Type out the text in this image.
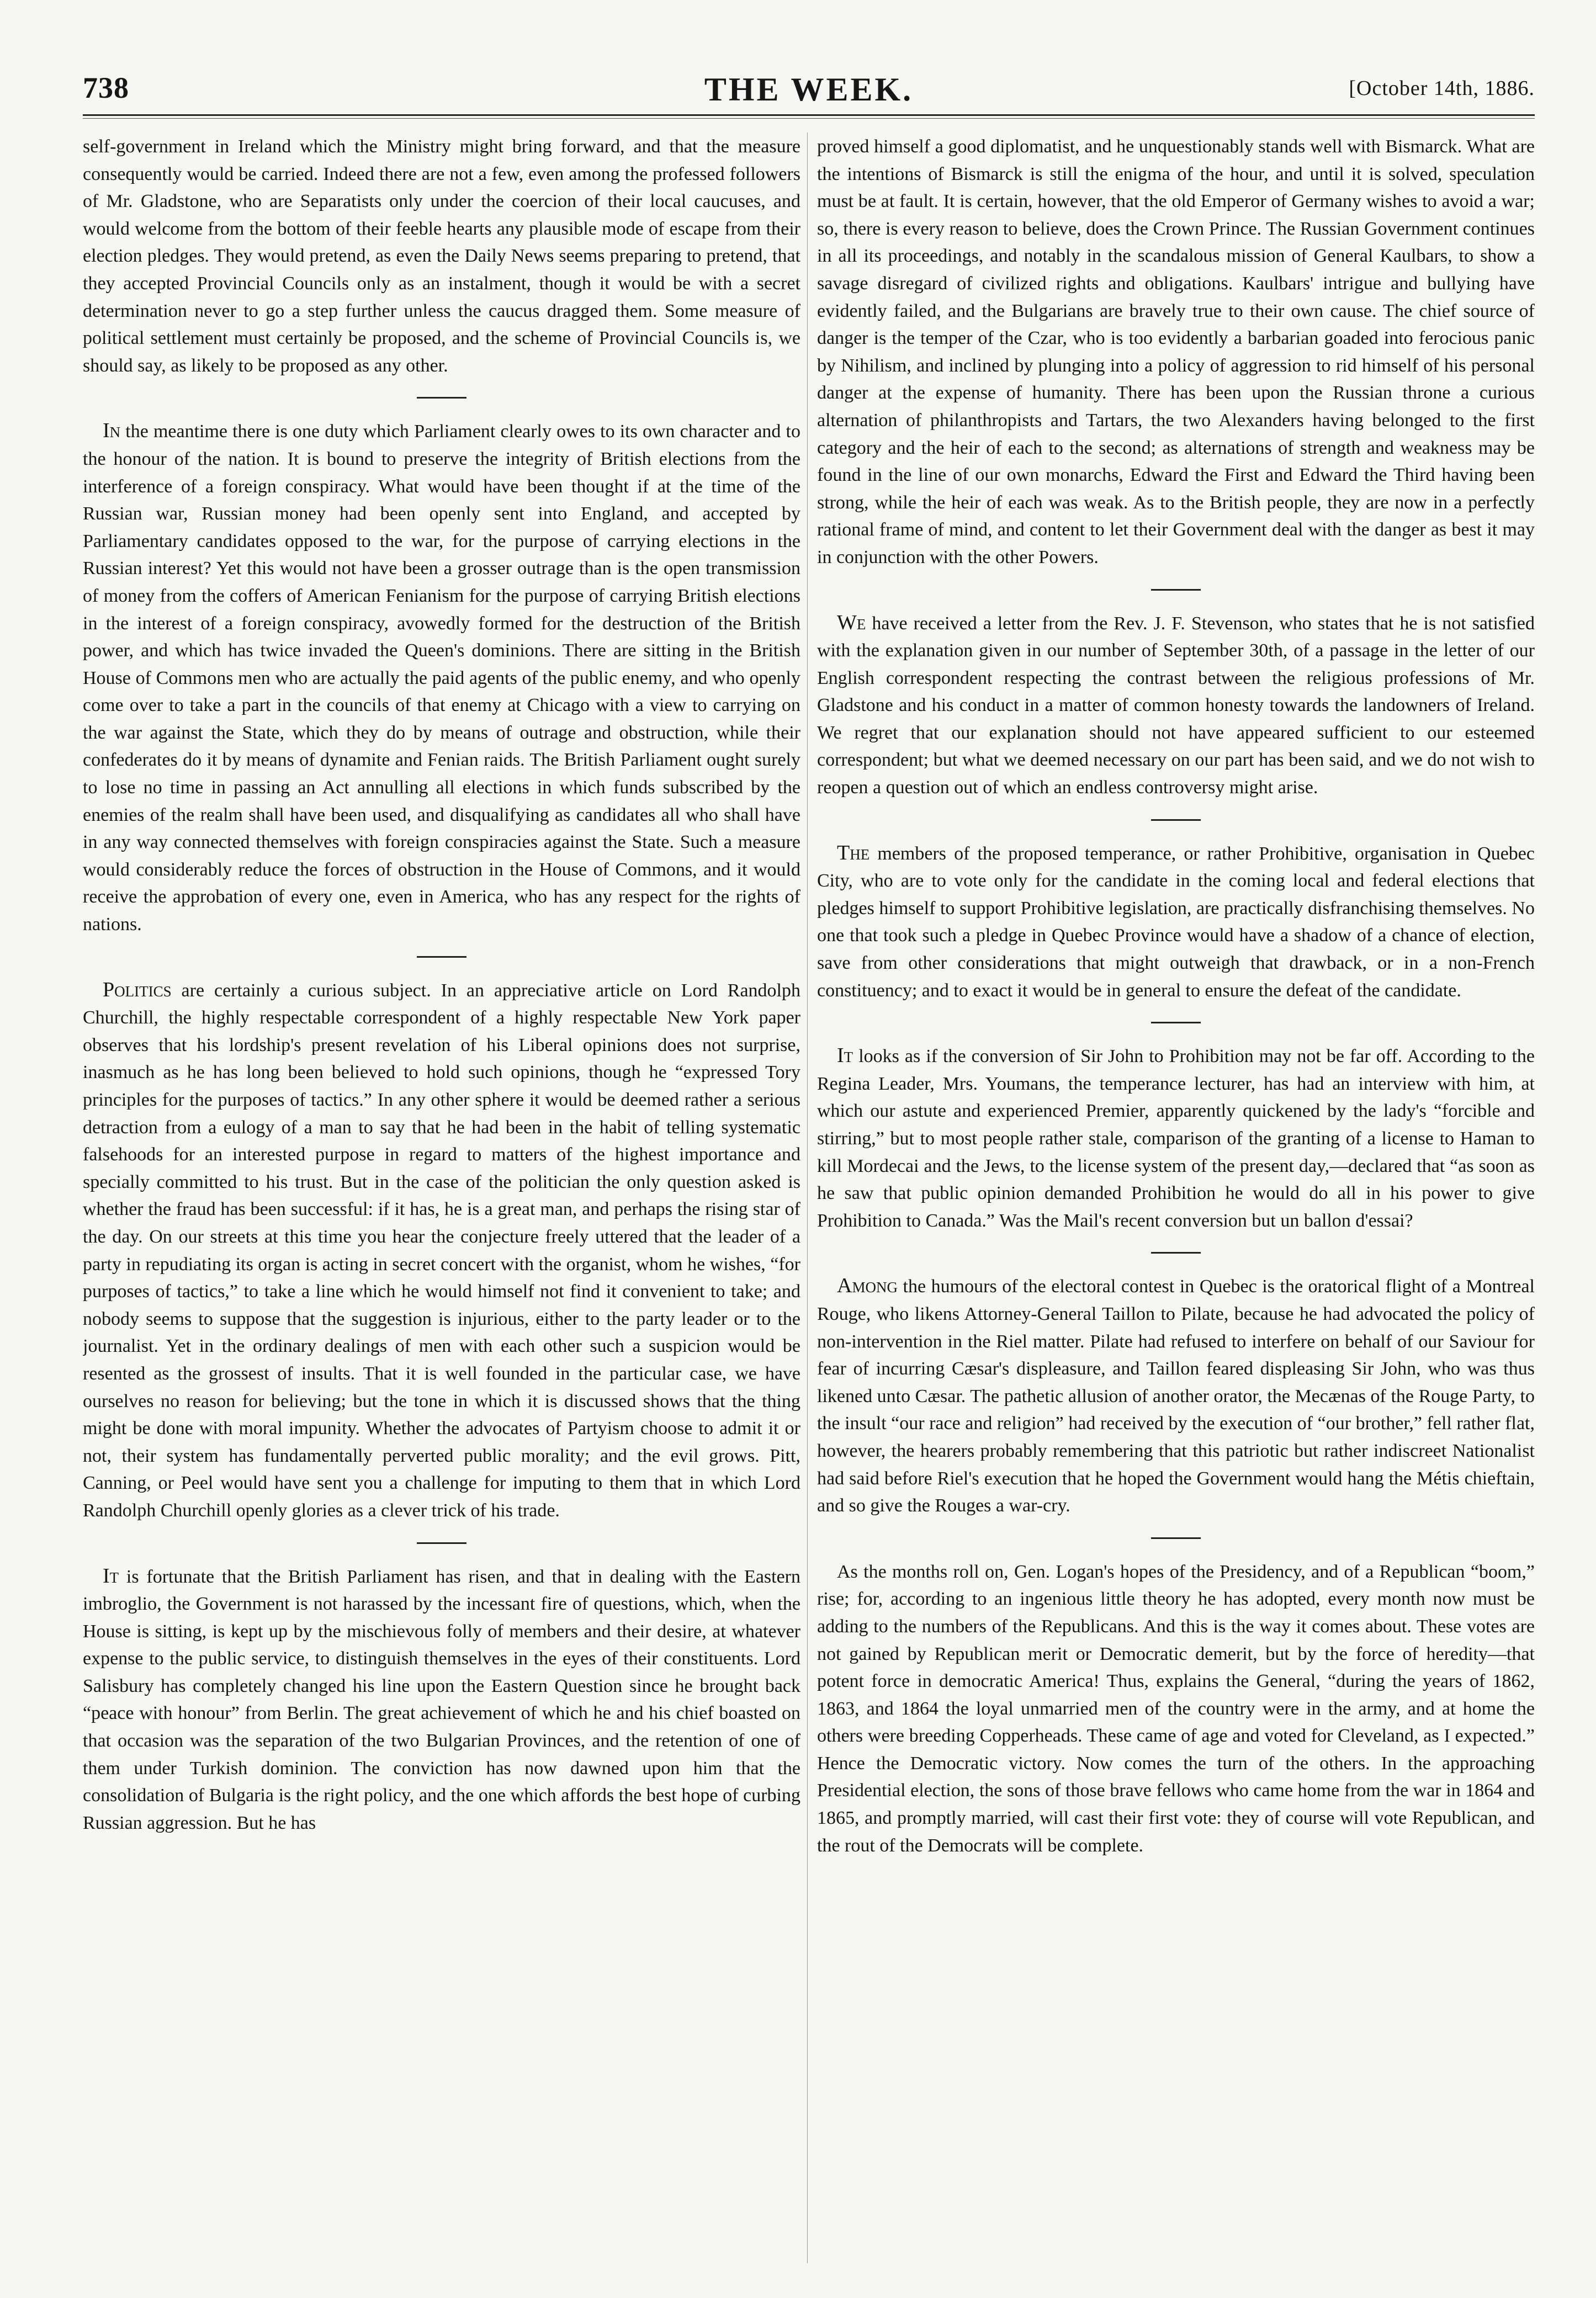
738	THE WEEK.	[October 14th, 1886.

self-government in Ireland which the Ministry might bring forward, and that the measure consequently would be carried. Indeed there are not a few, even among the professed followers of Mr. Gladstone, who are Separatists only under the coercion of their local caucuses, and would welcome from the bottom of their feeble hearts any plausible mode of escape from their election pledges. They would pretend, as even the Daily News seems preparing to pretend, that they accepted Provincial Councils only as an instalment, though it would be with a secret determination never to go a step further unless the caucus dragged them. Some measure of political settlement must certainly be proposed, and the scheme of Provincial Councils is, we should say, as likely to be proposed as any other.

In the meantime there is one duty which Parliament clearly owes to its own character and to the honour of the nation. It is bound to preserve the integrity of British elections from the interference of a foreign conspiracy. What would have been thought if at the time of the Russian war, Russian money had been openly sent into England, and accepted by Parliamentary candidates opposed to the war, for the purpose of carrying elections in the Russian interest? Yet this would not have been a grosser outrage than is the open transmission of money from the coffers of American Fenianism for the purpose of carrying British elections in the interest of a foreign conspiracy, avowedly formed for the destruction of the British power, and which has twice invaded the Queen's dominions. There are sitting in the British House of Commons men who are actually the paid agents of the public enemy, and who openly come over to take a part in the councils of that enemy at Chicago with a view to carrying on the war against the State, which they do by means of outrage and obstruction, while their confederates do it by means of dynamite and Fenian raids. The British Parliament ought surely to lose no time in passing an Act annulling all elections in which funds subscribed by the enemies of the realm shall have been used, and disqualifying as candidates all who shall have in any way connected themselves with foreign conspiracies against the State. Such a measure would considerably reduce the forces of obstruction in the House of Commons, and it would receive the approbation of every one, even in America, who has any respect for the rights of nations.

Politics are certainly a curious subject. In an appreciative article on Lord Randolph Churchill, the highly respectable correspondent of a highly respectable New York paper observes that his lordship's present revelation of his Liberal opinions does not surprise, inasmuch as he has long been believed to hold such opinions, though he “expressed Tory principles for the purposes of tactics.” In any other sphere it would be deemed rather a serious detraction from a eulogy of a man to say that he had been in the habit of telling systematic falsehoods for an interested purpose in regard to matters of the highest importance and specially committed to his trust. But in the case of the politician the only question asked is whether the fraud has been successful: if it has, he is a great man, and perhaps the rising star of the day. On our streets at this time you hear the conjecture freely uttered that the leader of a party in repudiating its organ is acting in secret concert with the organist, whom he wishes, “for purposes of tactics,” to take a line which he would himself not find it convenient to take; and nobody seems to suppose that the suggestion is injurious, either to the party leader or to the journalist. Yet in the ordinary dealings of men with each other such a suspicion would be resented as the grossest of insults. That it is well founded in the particular case, we have ourselves no reason for believing; but the tone in which it is discussed shows that the thing might be done with moral impunity. Whether the advocates of Partyism choose to admit it or not, their system has fundamentally perverted public morality; and the evil grows. Pitt, Canning, or Peel would have sent you a challenge for imputing to them that in which Lord Randolph Churchill openly glories as a clever trick of his trade.

It is fortunate that the British Parliament has risen, and that in dealing with the Eastern imbroglio, the Government is not harassed by the incessant fire of questions, which, when the House is sitting, is kept up by the mischievous folly of members and their desire, at whatever expense to the public service, to distinguish themselves in the eyes of their constituents. Lord Salisbury has completely changed his line upon the Eastern Question since he brought back “peace with honour” from Berlin. The great achievement of which he and his chief boasted on that occasion was the separation of the two Bulgarian Provinces, and the retention of one of them under Turkish dominion. The conviction has now dawned upon him that the consolidation of Bulgaria is the right policy, and the one which affords the best hope of curbing Russian aggression. But he has

proved himself a good diplomatist, and he unquestionably stands well with Bismarck. What are the intentions of Bismarck is still the enigma of the hour, and until it is solved, speculation must be at fault. It is certain, however, that the old Emperor of Germany wishes to avoid a war; so, there is every reason to believe, does the Crown Prince. The Russian Government continues in all its proceedings, and notably in the scandalous mission of General Kaulbars, to show a savage disregard of civilized rights and obligations. Kaulbars' intrigue and bullying have evidently failed, and the Bulgarians are bravely true to their own cause. The chief source of danger is the temper of the Czar, who is too evidently a barbarian goaded into ferocious panic by Nihilism, and inclined by plunging into a policy of aggression to rid himself of his personal danger at the expense of humanity. There has been upon the Russian throne a curious alternation of philanthropists and Tartars, the two Alexanders having belonged to the first category and the heir of each to the second; as alternations of strength and weakness may be found in the line of our own monarchs, Edward the First and Edward the Third having been strong, while the heir of each was weak. As to the British people, they are now in a perfectly rational frame of mind, and content to let their Government deal with the danger as best it may in conjunction with the other Powers.

We have received a letter from the Rev. J. F. Stevenson, who states that he is not satisfied with the explanation given in our number of September 30th, of a passage in the letter of our English correspondent respecting the contrast between the religious professions of Mr. Gladstone and his conduct in a matter of common honesty towards the landowners of Ireland. We regret that our explanation should not have appeared sufficient to our esteemed correspondent; but what we deemed necessary on our part has been said, and we do not wish to reopen a question out of which an endless controversy might arise.

The members of the proposed temperance, or rather Prohibitive, organisation in Quebec City, who are to vote only for the candidate in the coming local and federal elections that pledges himself to support Prohibitive legislation, are practically disfranchising themselves. No one that took such a pledge in Quebec Province would have a shadow of a chance of election, save from other considerations that might outweigh that drawback, or in a non-French constituency; and to exact it would be in general to ensure the defeat of the candidate.

It looks as if the conversion of Sir John to Prohibition may not be far off. According to the Regina Leader, Mrs. Youmans, the temperance lecturer, has had an interview with him, at which our astute and experienced Premier, apparently quickened by the lady's “forcible and stirring,” but to most people rather stale, comparison of the granting of a license to Haman to kill Mordecai and the Jews, to the license system of the present day,—declared that “as soon as he saw that public opinion demanded Prohibition he would do all in his power to give Prohibition to Canada.” Was the Mail's recent conversion but un ballon d'essai?

Among the humours of the electoral contest in Quebec is the oratorical flight of a Montreal Rouge, who likens Attorney-General Taillon to Pilate, because he had advocated the policy of non-intervention in the Riel matter. Pilate had refused to interfere on behalf of our Saviour for fear of incurring Cæsar's displeasure, and Taillon feared displeasing Sir John, who was thus likened unto Cæsar. The pathetic allusion of another orator, the Mecænas of the Rouge Party, to the insult “our race and religion” had received by the execution of “our brother,” fell rather flat, however, the hearers probably remembering that this patriotic but rather indiscreet Nationalist had said before Riel's execution that he hoped the Government would hang the Métis chieftain, and so give the Rouges a war-cry.

As the months roll on, Gen. Logan's hopes of the Presidency, and of a Republican “boom,” rise; for, according to an ingenious little theory he has adopted, every month now must be adding to the numbers of the Republicans. And this is the way it comes about. These votes are not gained by Republican merit or Democratic demerit, but by the force of heredity—that potent force in democratic America! Thus, explains the General, “during the years of 1862, 1863, and 1864 the loyal unmarried men of the country were in the army, and at home the others were breeding Copperheads. These came of age and voted for Cleveland, as I expected.” Hence the Democratic victory. Now comes the turn of the others. In the approaching Presidential election, the sons of those brave fellows who came home from the war in 1864 and 1865, and promptly married, will cast their first vote: they of course will vote Republican, and the rout of the Democrats will be complete.
